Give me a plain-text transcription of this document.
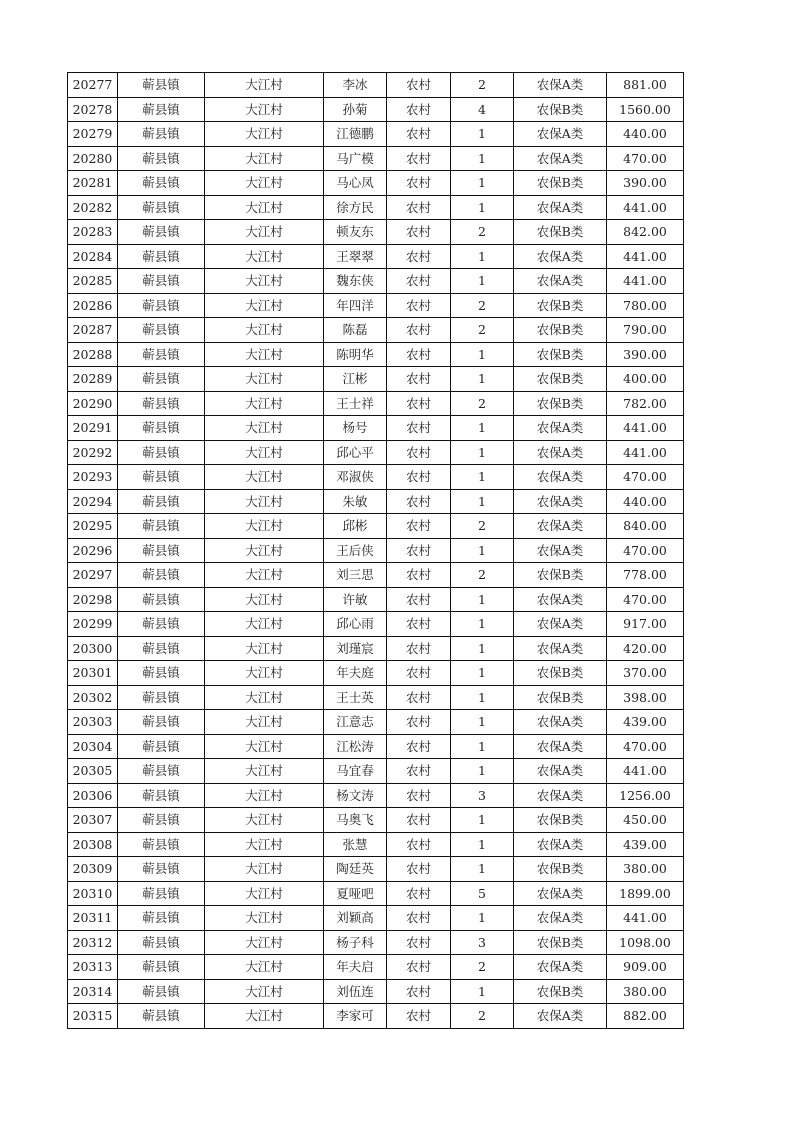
20277	蕲县镇	大江村	李冰	农村	2	农保A类	881.00
20278	蕲县镇	大江村	孙菊	农村	4	农保B类	1560.00
20279	蕲县镇	大江村	江德鹏	农村	1	农保A类	440.00
20280	蕲县镇	大江村	马广模	农村	1	农保A类	470.00
20281	蕲县镇	大江村	马心凤	农村	1	农保B类	390.00
20282	蕲县镇	大江村	徐方民	农村	1	农保A类	441.00
20283	蕲县镇	大江村	顿友东	农村	2	农保B类	842.00
20284	蕲县镇	大江村	王翠翠	农村	1	农保A类	441.00
20285	蕲县镇	大江村	魏东侠	农村	1	农保A类	441.00
20286	蕲县镇	大江村	年四洋	农村	2	农保B类	780.00
20287	蕲县镇	大江村	陈磊	农村	2	农保B类	790.00
20288	蕲县镇	大江村	陈明华	农村	1	农保B类	390.00
20289	蕲县镇	大江村	江彬	农村	1	农保B类	400.00
20290	蕲县镇	大江村	王士祥	农村	2	农保B类	782.00
20291	蕲县镇	大江村	杨号	农村	1	农保A类	441.00
20292	蕲县镇	大江村	邱心平	农村	1	农保A类	441.00
20293	蕲县镇	大江村	邓淑侠	农村	1	农保A类	470.00
20294	蕲县镇	大江村	朱敏	农村	1	农保A类	440.00
20295	蕲县镇	大江村	邱彬	农村	2	农保A类	840.00
20296	蕲县镇	大江村	王后侠	农村	1	农保A类	470.00
20297	蕲县镇	大江村	刘三思	农村	2	农保B类	778.00
20298	蕲县镇	大江村	许敏	农村	1	农保A类	470.00
20299	蕲县镇	大江村	邱心雨	农村	1	农保A类	917.00
20300	蕲县镇	大江村	刘瑾宸	农村	1	农保A类	420.00
20301	蕲县镇	大江村	年夫庭	农村	1	农保B类	370.00
20302	蕲县镇	大江村	王士英	农村	1	农保B类	398.00
20303	蕲县镇	大江村	江意志	农村	1	农保A类	439.00
20304	蕲县镇	大江村	江松涛	农村	1	农保A类	470.00
20305	蕲县镇	大江村	马宜春	农村	1	农保A类	441.00
20306	蕲县镇	大江村	杨文涛	农村	3	农保A类	1256.00
20307	蕲县镇	大江村	马奥飞	农村	1	农保B类	450.00
20308	蕲县镇	大江村	张慧	农村	1	农保A类	439.00
20309	蕲县镇	大江村	陶廷英	农村	1	农保B类	380.00
20310	蕲县镇	大江村	夏哑吧	农村	5	农保A类	1899.00
20311	蕲县镇	大江村	刘颖高	农村	1	农保A类	441.00
20312	蕲县镇	大江村	杨子科	农村	3	农保B类	1098.00
20313	蕲县镇	大江村	年夫启	农村	2	农保A类	909.00
20314	蕲县镇	大江村	刘伍连	农村	1	农保B类	380.00
20315	蕲县镇	大江村	李家可	农村	2	农保A类	882.00
